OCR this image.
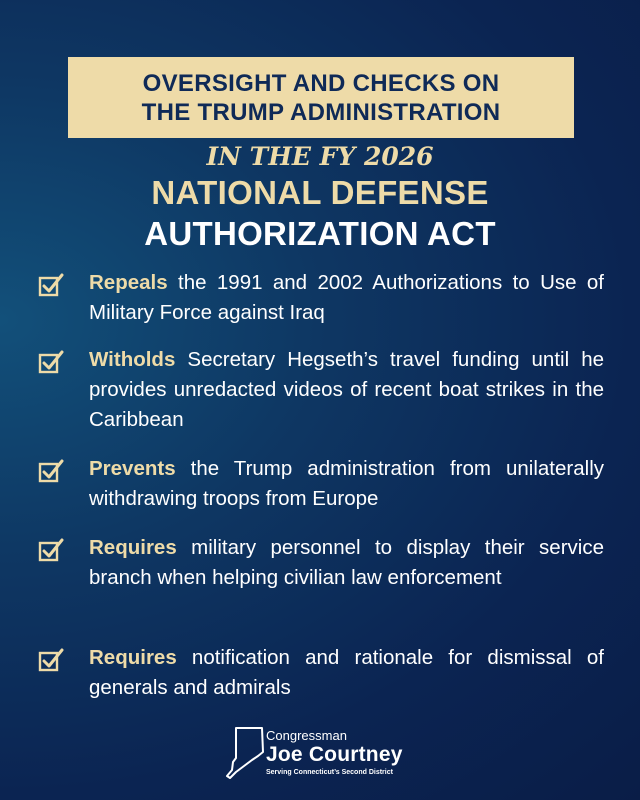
OVERSIGHT AND CHECKS ON
THE TRUMP ADMINISTRATION
IN THE FY 2026
NATIONAL DEFENSE
AUTHORIZATION ACT
Repeals the 1991 and 2002 Authorizations to Use of Military Force against Iraq
Witholds Secretary Hegseth’s travel funding until he provides unredacted videos of recent boat strikes in the Caribbean
Prevents the Trump administration from unilaterally withdrawing troops from Europe
Requires military personnel to display their service branch when helping civilian law enforcement
Requires notification and rationale for dismissal of generals and admirals
Congressman
Joe Courtney
Serving Connecticut’s Second District
